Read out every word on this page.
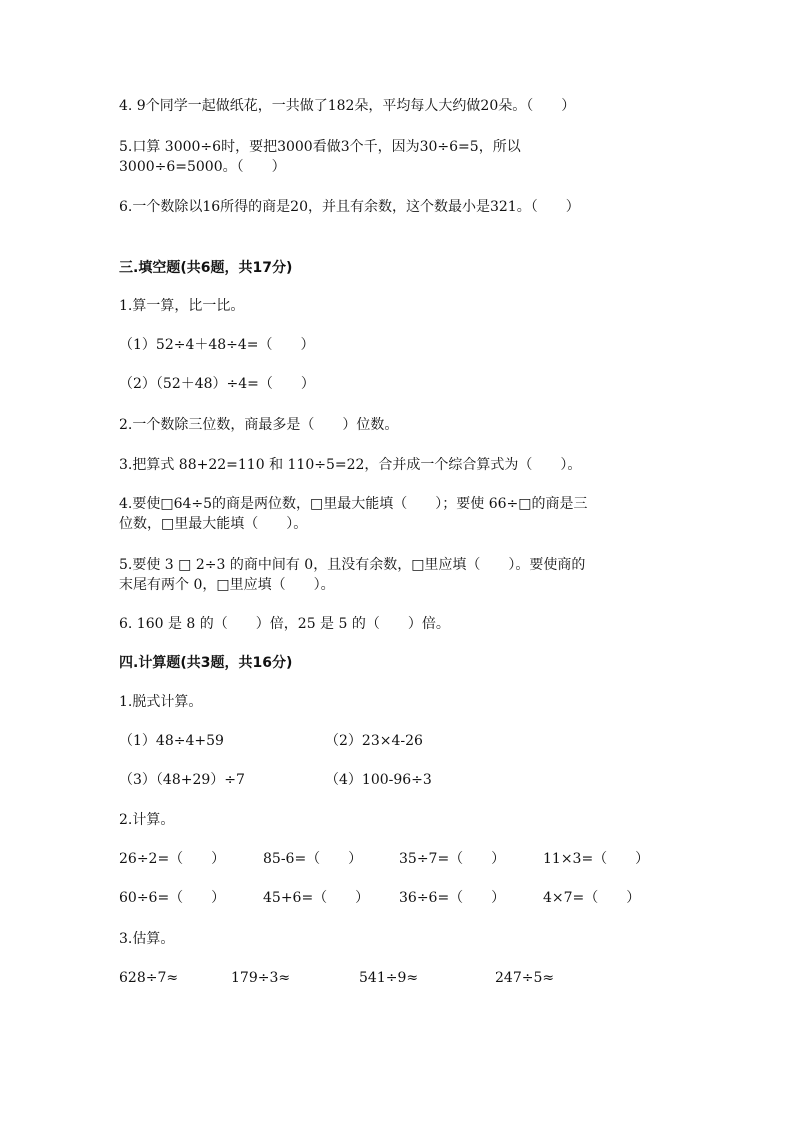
4. 9个同学一起做纸花，一共做了182朵，平均每人大约做20朵。（　　）
5.口算 3000÷6时，要把3000看做3个千，因为30÷6=5，所以
3000÷6=5000。（　　）
6.一个数除以16所得的商是20，并且有余数，这个数最小是321。（　　）
三.填空题(共6题，共17分)
1.算一算，比一比。
（1）52÷4＋48÷4=（　　）
（2）（52＋48）÷4=（　　）
2.一个数除三位数，商最多是（　　）位数。
3.把算式 88+22=110 和 110÷5=22，合并成一个综合算式为（　　）。
4.要使□64÷5的商是两位数，□里最大能填（　　）；要使 66÷□的商是三
位数，□里最大能填（　　）。
5.要使 3 □ 2÷3 的商中间有 0，且没有余数，□里应填（　　）。要使商的
末尾有两个 0，□里应填（　　）。
6. 160 是 8 的（　　）倍，25 是 5 的（　　）倍。
四.计算题(共3题，共16分)
1.脱式计算。
（1）48÷4+59	（2）23×4-26
（3）（48+29）÷7	（4）100-96÷3
2.计算。
26÷2=（　　）	85-6=（　　）	35÷7=（　　）	11×3=（　　）
60÷6=（　　）	45+6=（　　） 36÷6=（　　）	4×7=（　　）
3.估算。
628÷7≈	179÷3≈	541÷9≈	247÷5≈
